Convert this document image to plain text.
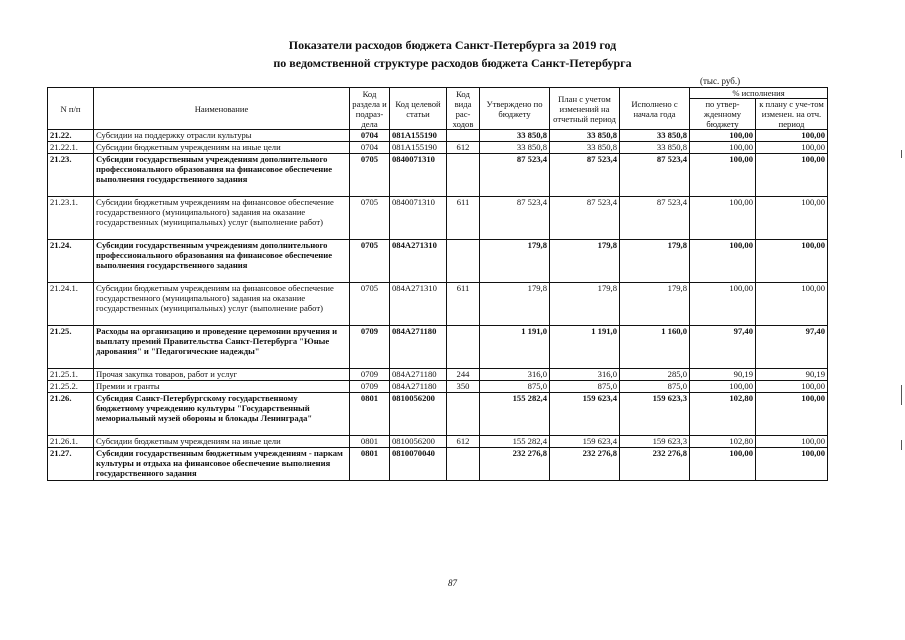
Показатели расходов бюджета Санкт-Петербурга за 2019 год
по ведомственной структуре расходов бюджета Санкт-Петербурга
(тыс. руб.)
N п/п	Наименование	Код раздела и подраз-дела	Код целевой статьи	Код вида рас-ходов	Утверждено по бюджету	План с учетом изменений на отчетный период	Исполнено с начала года	% исполнения	
								по утвер-жденному бюджету	к плану с уче-том изменен. на отч. период
21.22.	Субсидии на поддержку отрасли культуры	0704	081A155190		33 850,8	33 850,8	33 850,8	100,00	100,00
21.22.1.	Субсидии бюджетным учреждениям на иные цели	0704	081A155190	612	33 850,8	33 850,8	33 850,8	100,00	100,00
21.23.	Субсидии государственным учреждениям дополнительного профессионального образования на финансовое обеспечение выполнения государственного задания	0705	0840071310		87 523,4	87 523,4	87 523,4	100,00	100,00
21.23.1.	Субсидии бюджетным учреждениям на финансовое обеспечение государственного (муниципального) задания на оказание государственных (муниципальных) услуг (выполнение работ)	0705	0840071310	611	87 523,4	87 523,4	87 523,4	100,00	100,00
21.24.	Субсидии государственным учреждениям дополнительного профессионального образования на финансовое обеспечение выполнения государственного задания	0705	084A271310		179,8	179,8	179,8	100,00	100,00
21.24.1.	Субсидии бюджетным учреждениям на финансовое обеспечение государственного (муниципального) задания на оказание государственных (муниципальных) услуг (выполнение работ)	0705	084A271310	611	179,8	179,8	179,8	100,00	100,00
21.25.	Расходы на организацию и проведение церемонии вручения и выплату премий Правительства Санкт-Петербурга "Юные дарования" и "Педагогические надежды"	0709	084A271180		1 191,0	1 191,0	1 160,0	97,40	97,40
21.25.1.	Прочая закупка товаров, работ и услуг	0709	084A271180	244	316,0	316,0	285,0	90,19	90,19
21.25.2.	Премии и гранты	0709	084A271180	350	875,0	875,0	875,0	100,00	100,00
21.26.	Субсидия Санкт-Петербургскому государственному бюджетному учреждению культуры "Государственный мемориальный музей обороны и блокады Ленинграда"	0801	0810056200		155 282,4	159 623,4	159 623,3	102,80	100,00
21.26.1.	Субсидии бюджетным учреждениям на иные цели	0801	0810056200	612	155 282,4	159 623,4	159 623,3	102,80	100,00
21.27.	Субсидии государственным бюджетным учреждениям - паркам культуры и отдыха на финансовое обеспечение выполнения государственного задания	0801	0810070040		232 276,8	232 276,8	232 276,8	100,00	100,00
87
